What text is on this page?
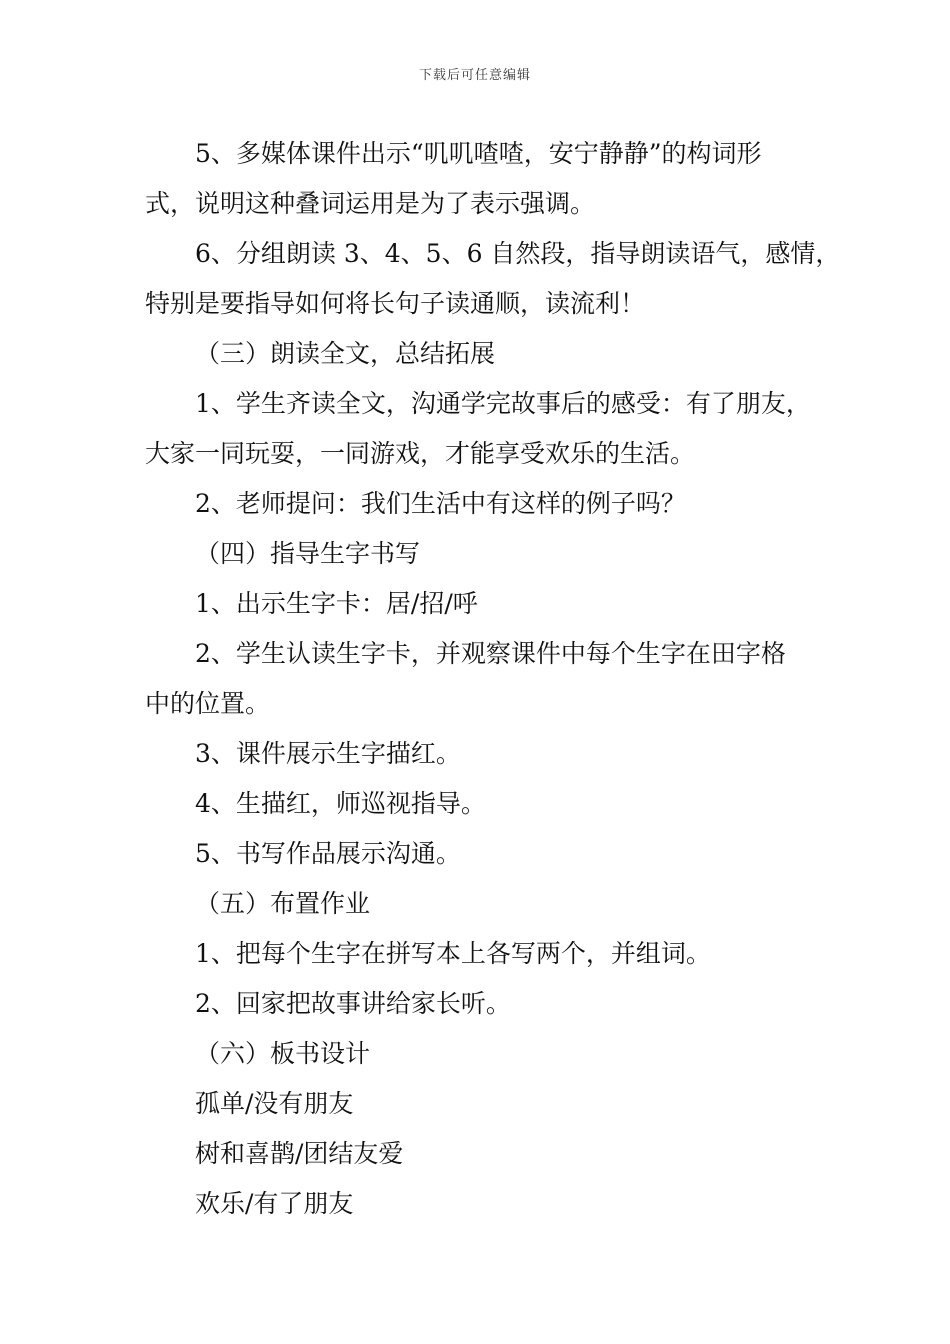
下载后可任意编辑
5、多媒体课件出示“叽叽喳喳，安宁静静”的构词形
式，说明这种叠词运用是为了表示强调。
6、分组朗读 3、4、5、6 自然段，指导朗读语气，感情，
特别是要指导如何将长句子读通顺，读流利！
（三）朗读全文，总结拓展
1、学生齐读全文，沟通学完故事后的感受：有了朋友，
大家一同玩耍，一同游戏，才能享受欢乐的生活。
2、老师提问：我们生活中有这样的例子吗？
（四）指导生字书写
1、出示生字卡：居/招/呼
2、学生认读生字卡，并观察课件中每个生字在田字格
中的位置。
3、课件展示生字描红。
4、生描红，师巡视指导。
5、书写作品展示沟通。
（五）布置作业
1、把每个生字在拼写本上各写两个，并组词。
2、回家把故事讲给家长听。
（六）板书设计
孤单/没有朋友
树和喜鹊/团结友爱
欢乐/有了朋友
